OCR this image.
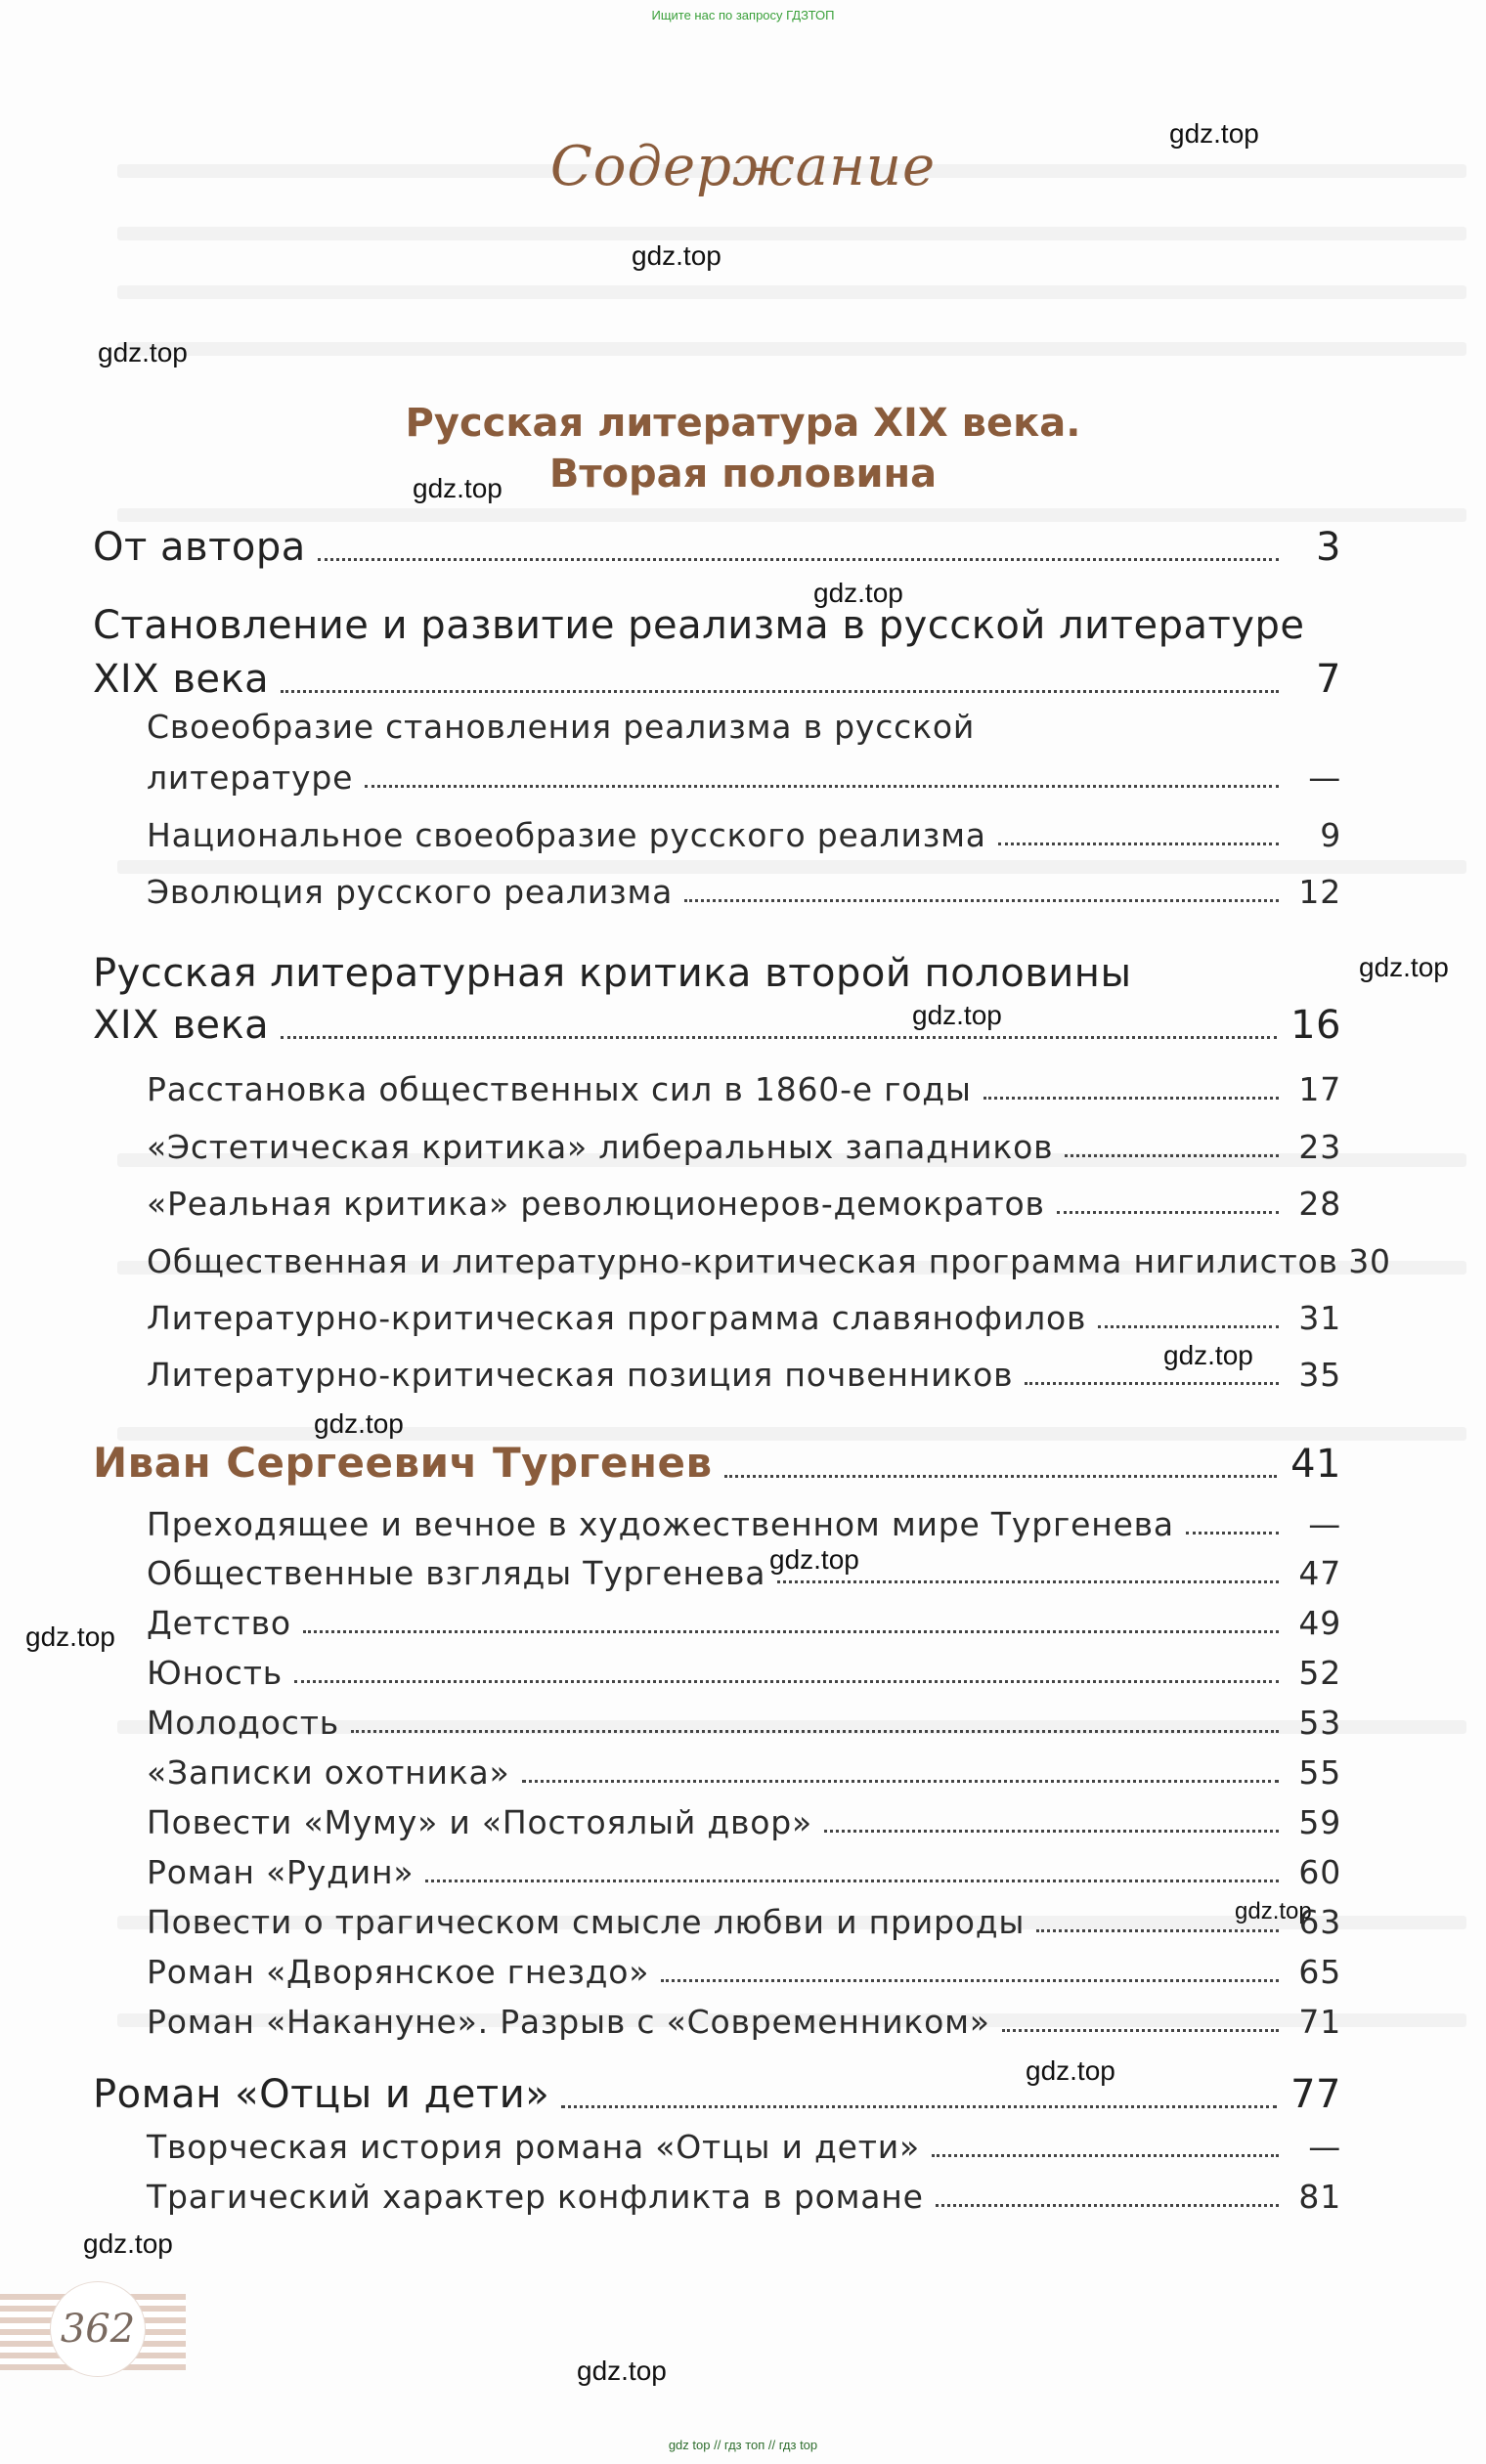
Ищите нас по запросу ГДЗТОП
Содержание
Русская литература XIX века.
Вторая половина
gdz.top
gdz.top
gdz.top
gdz.top
gdz.top
gdz.top
gdz.top
gdz.top
gdz.top
gdz.top
gdz.top
gdz.top
gdz.top
gdz.top
gdz.top
От автора	3
Становление и развитие реализма в русской литературе
XIX века	7
Своеобразие становления реализма в русской
литературе	—
Национальное своеобразие русского реализма	9
Эволюция русского реализма	12
Русская литературная критика второй половины
XIX века	16
Расстановка общественных сил в 1860-е годы	17
«Эстетическая критика» либеральных западников	23
«Реальная критика» революционеров-демократов	28
Общественная и литературно-критическая программа нигилистов 30
Литературно-критическая программа славянофилов	31
Литературно-критическая позиция почвенников	35
Иван Сергеевич Тургенев	41
Преходящее и вечное в художественном мире Тургенева	—
Общественные взгляды Тургенева	47
Детство	49
Юность	52
Молодость	53
«Записки охотника»	55
Повести «Муму» и «Постоялый двор»	59
Роман «Рудин»	60
Повести о трагическом смысле любви и природы	63
Роман «Дворянское гнездо»	65
Роман «Накануне». Разрыв с «Современником»	71
Роман «Отцы и дети»	77
Творческая история романа «Отцы и дети»	—
Трагический характер конфликта в романе	81
362
gdz top // гдз топ // гдз top
